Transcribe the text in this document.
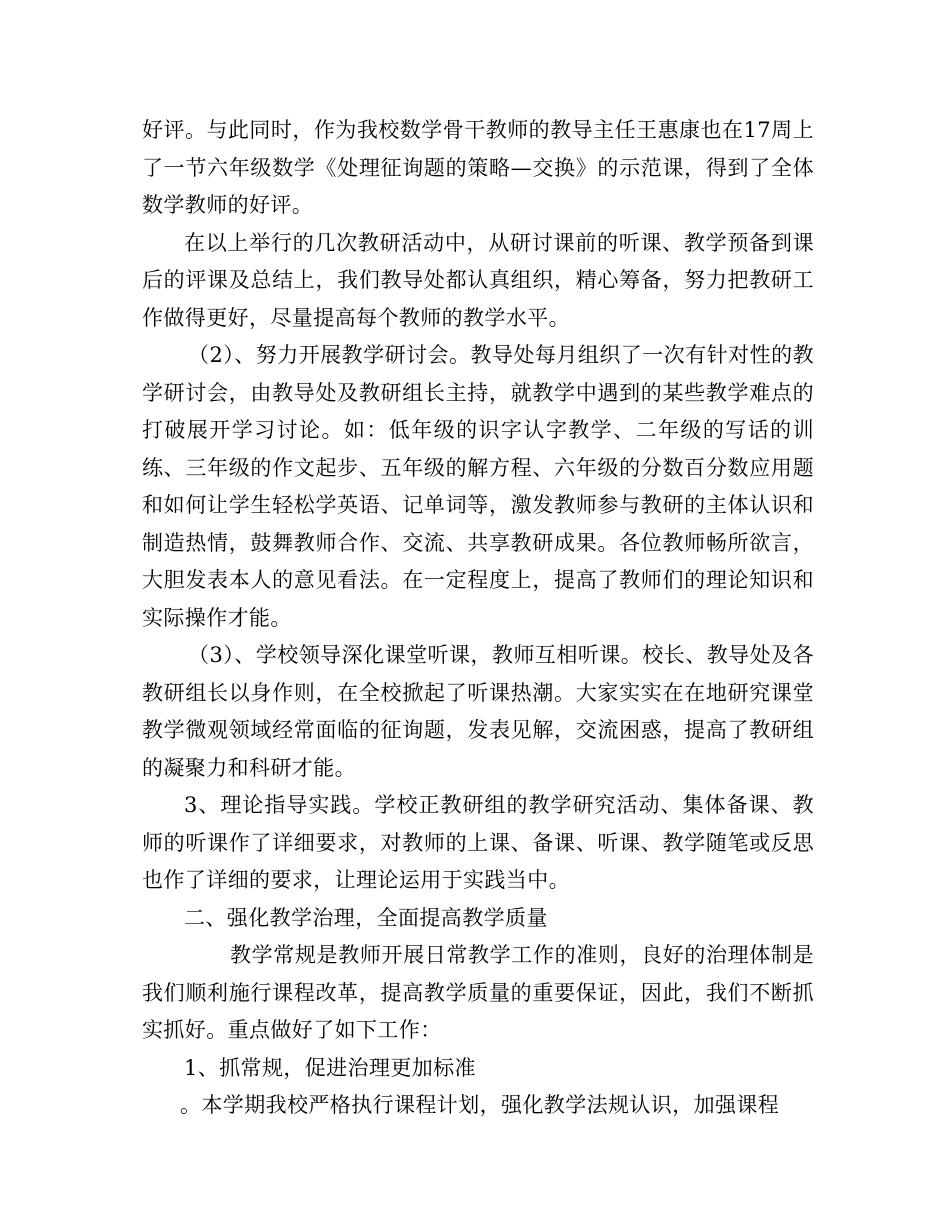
好评。与此同时，作为我校数学骨干教师的教导主任王惠康也在17周上了一节六年级数学《处理征询题的策略—交换》的示范课，得到了全体数学教师的好评。

在以上举行的几次教研活动中，从研讨课前的听课、教学预备到课后的评课及总结上，我们教导处都认真组织，精心筹备，努力把教研工作做得更好，尽量提高每个教师的教学水平。

（2）、努力开展教学研讨会。教导处每月组织了一次有针对性的教学研讨会，由教导处及教研组长主持，就教学中遇到的某些教学难点的打破展开学习讨论。如：低年级的识字认字教学、二年级的写话的训练、三年级的作文起步、五年级的解方程、六年级的分数百分数应用题和如何让学生轻松学英语、记单词等，激发教师参与教研的主体认识和制造热情，鼓舞教师合作、交流、共享教研成果。各位教师畅所欲言，大胆发表本人的意见看法。在一定程度上，提高了教师们的理论知识和实际操作才能。

（3）、学校领导深化课堂听课，教师互相听课。校长、教导处及各教研组长以身作则，在全校掀起了听课热潮。大家实实在在地研究课堂教学微观领域经常面临的征询题，发表见解，交流困惑，提高了教研组的凝聚力和科研才能。

3、理论指导实践。学校正教研组的教学研究活动、集体备课、教师的听课作了详细要求，对教师的上课、备课、听课、教学随笔或反思也作了详细的要求，让理论运用于实践当中。

二、强化教学治理，全面提高教学质量

教学常规是教师开展日常教学工作的准则，良好的治理体制是我们顺利施行课程改革，提高教学质量的重要保证，因此，我们不断抓实抓好。重点做好了如下工作：

1、抓常规，促进治理更加标准

。本学期我校严格执行课程计划，强化教学法规认识，加强课程
